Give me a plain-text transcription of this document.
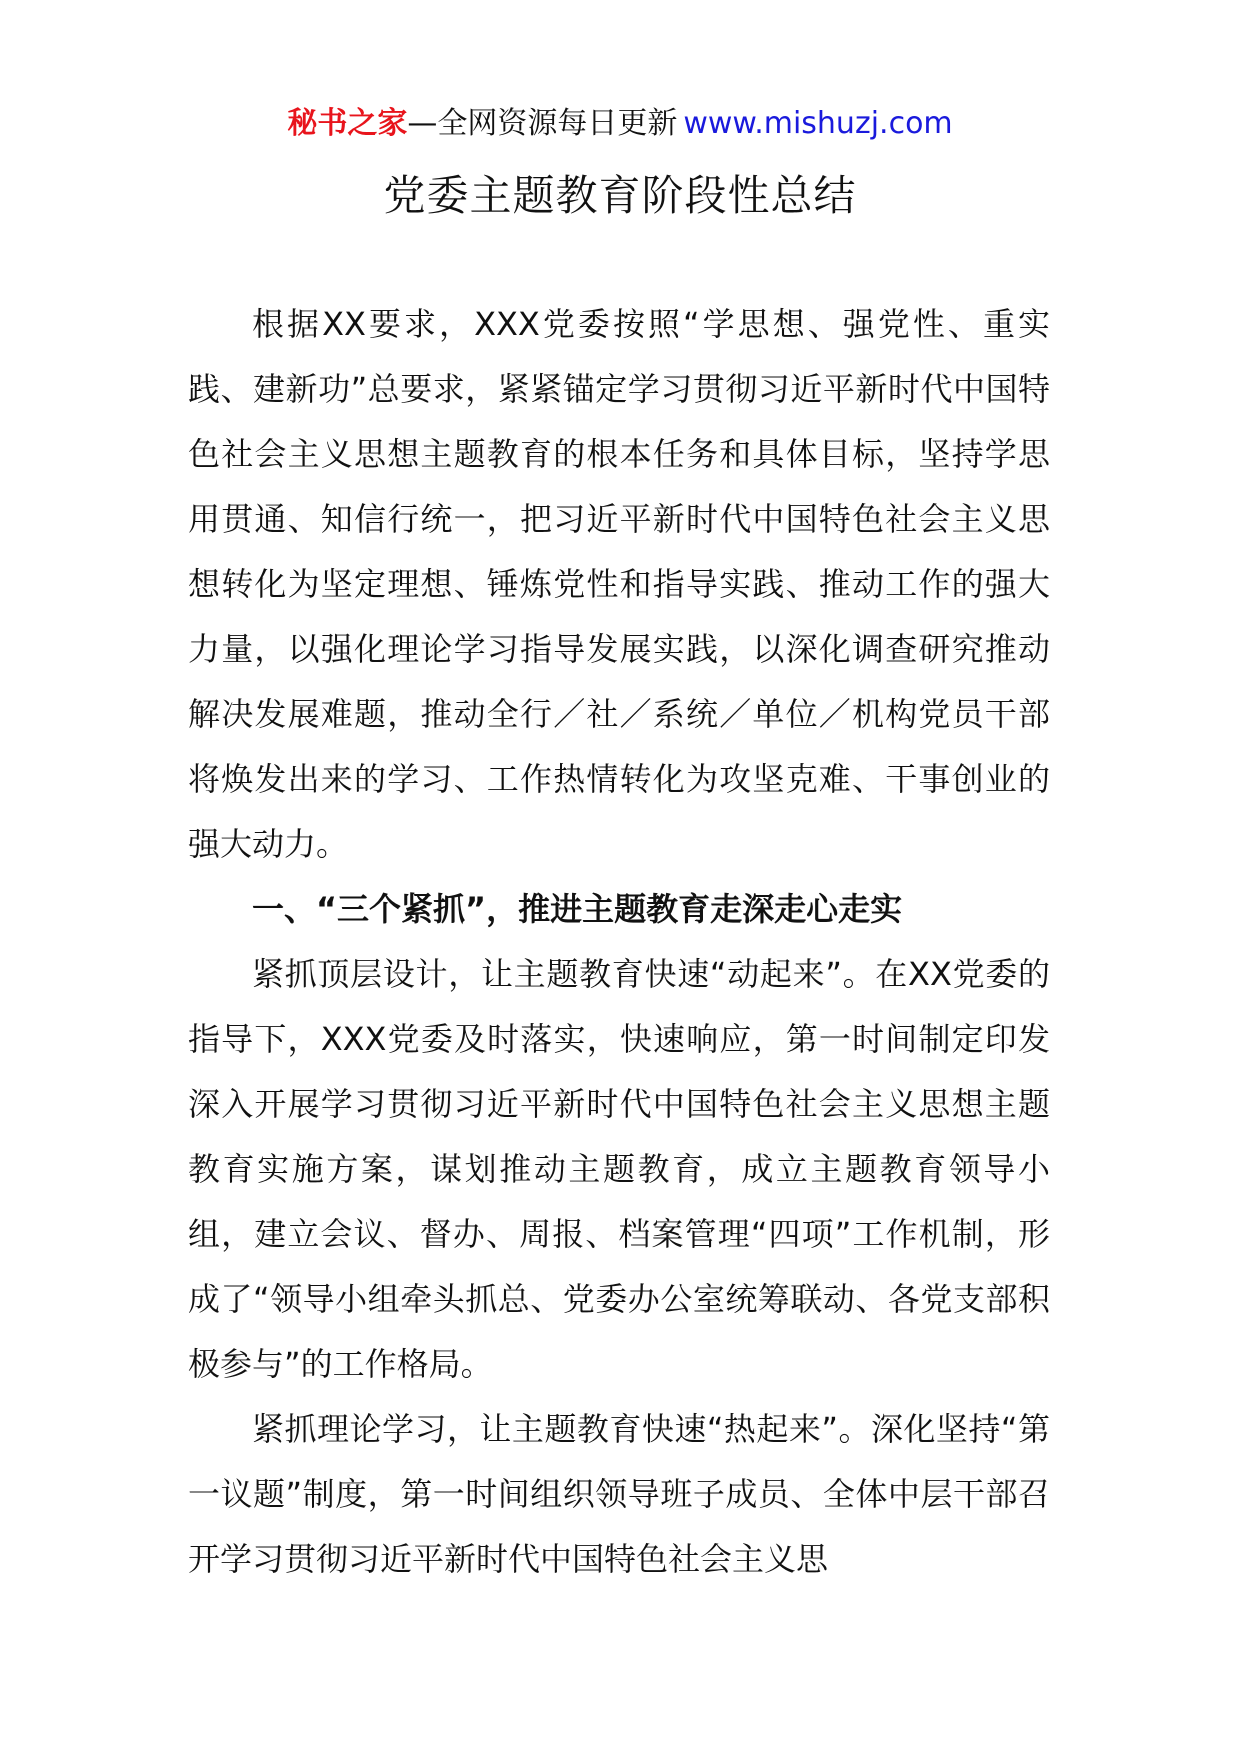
秘书之家—全网资源每日更新 www.mishuzj.com
党委主题教育阶段性总结

根据XX要求，XXX党委按照“学思想、强党性、重实践、建新功”总要求，紧紧锚定学习贯彻习近平新时代中国特色社会主义思想主题教育的根本任务和具体目标，坚持学思用贯通、知信行统一，把习近平新时代中国特色社会主义思想转化为坚定理想、锤炼党性和指导实践、推动工作的强大力量，以强化理论学习指导发展实践，以深化调查研究推动解决发展难题，推动全行／社／系统／单位／机构党员干部将焕发出来的学习、工作热情转化为攻坚克难、干事创业的强大动力。

一、“三个紧抓”，推进主题教育走深走心走实

紧抓顶层设计，让主题教育快速“动起来”。在XX党委的指导下，XXX党委及时落实，快速响应，第一时间制定印发深入开展学习贯彻习近平新时代中国特色社会主义思想主题教育实施方案，谋划推动主题教育，成立主题教育领导小组，建立会议、督办、周报、档案管理“四项”工作机制，形成了“领导小组牵头抓总、党委办公室统筹联动、各党支部积极参与”的工作格局。

紧抓理论学习，让主题教育快速“热起来”。深化坚持“第一议题”制度，第一时间组织领导班子成员、全体中层干部召开学习贯彻习近平新时代中国特色社会主义思
